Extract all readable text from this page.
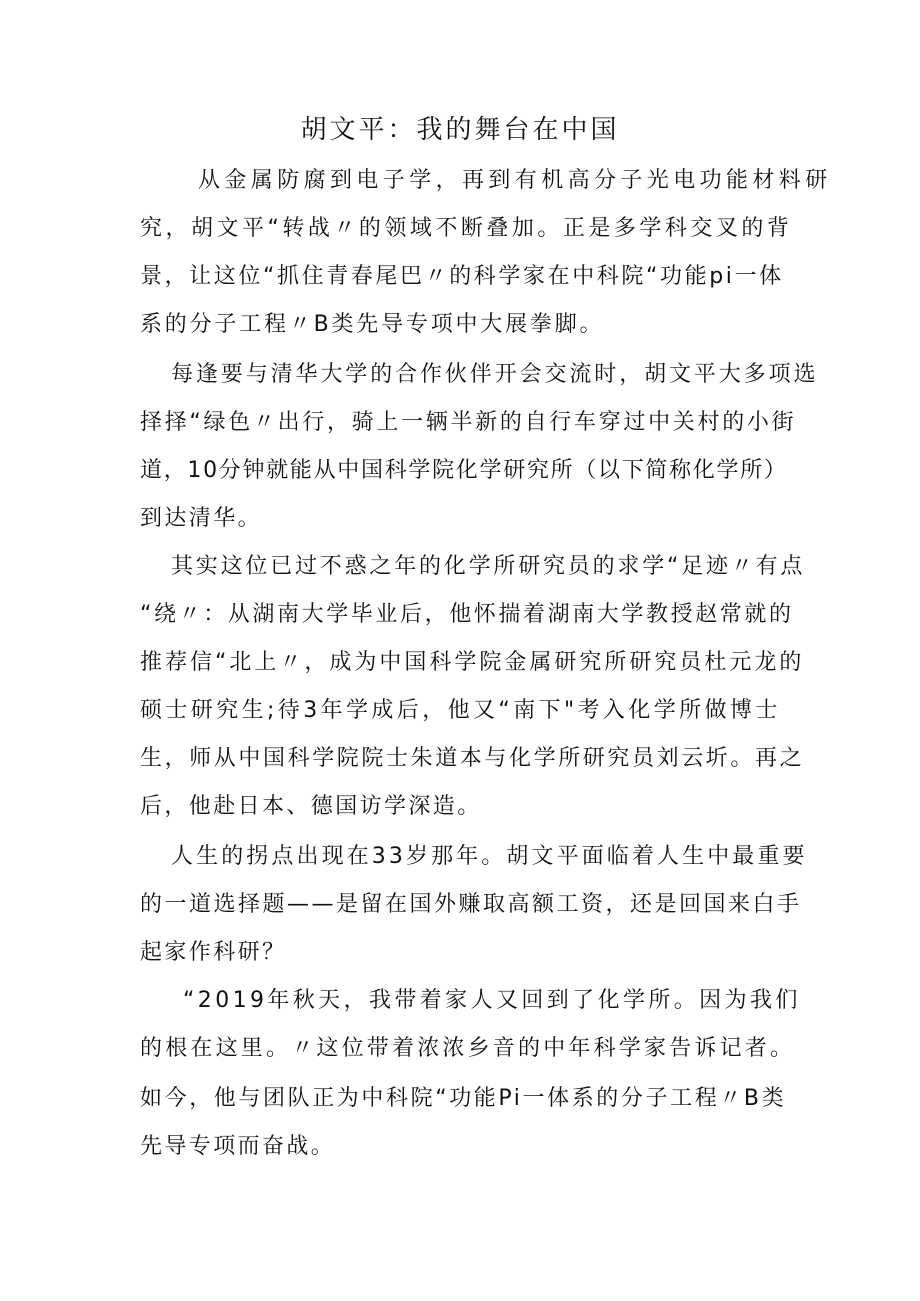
胡文平：我的舞台在中国

从金属防腐到电子学，再到有机高分子光电功能材料研

究，胡文平“转战〃的领域不断叠加。正是多学科交叉的背

景，让这位“抓住青春尾巴〃的科学家在中科院“功能pi一体

系的分子工程〃B类先导专项中大展拳脚。

每逢要与清华大学的合作伙伴开会交流时，胡文平大多项选

择择“绿色〃出行，骑上一辆半新的自行车穿过中关村的小街

道，10分钟就能从中国科学院化学研究所（以下简称化学所）

到达清华。

其实这位已过不惑之年的化学所研究员的求学“足迹〃有点

“绕〃：从湖南大学毕业后，他怀揣着湖南大学教授赵常就的

推荐信“北上〃，成为中国科学院金属研究所研究员杜元龙的

硕士研究生;待3年学成后，他又“南下"考入化学所做博士

生，师从中国科学院院士朱道本与化学所研究员刘云圻。再之

后，他赴日本、德国访学深造。

人生的拐点出现在33岁那年。胡文平面临着人生中最重要

的一道选择题——是留在国外赚取高额工资，还是回国来白手

起家作科研？

“2019年秋天，我带着家人又回到了化学所。因为我们

的根在这里。〃这位带着浓浓乡音的中年科学家告诉记者。

如今，他与团队正为中科院“功能Pi一体系的分子工程〃B类

先导专项而奋战。
